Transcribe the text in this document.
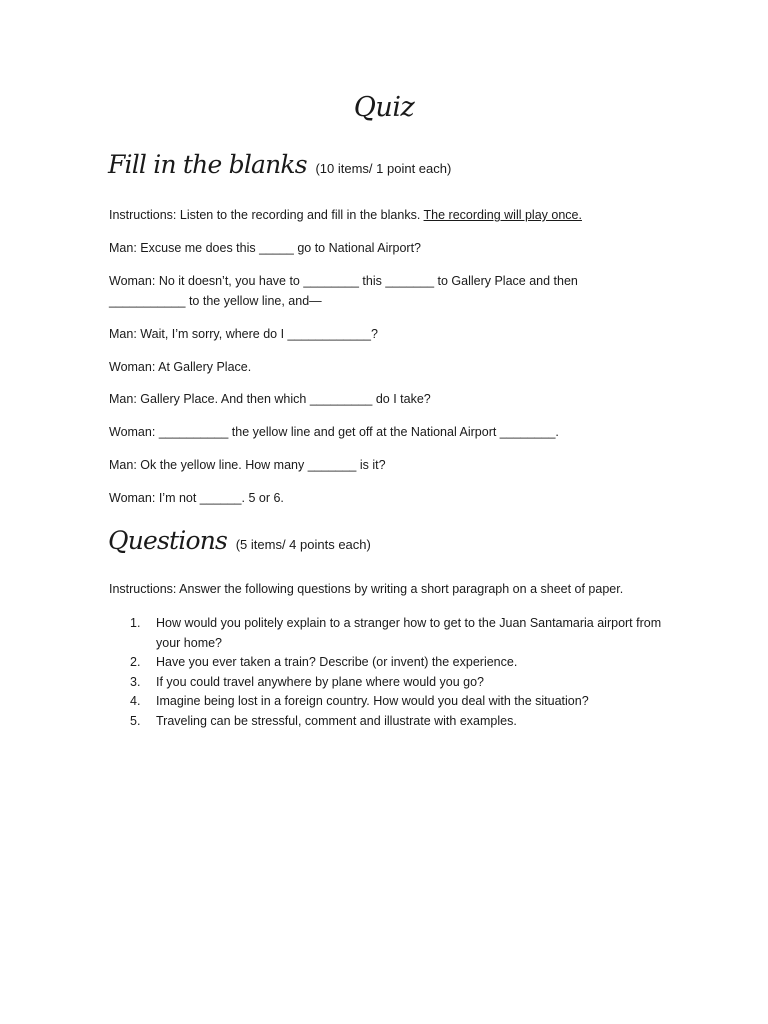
Quiz
Fill in the blanks (10 items/ 1 point each)

Instructions: Listen to the recording and fill in the blanks. The recording will play once.

Man: Excuse me does this _____ go to National Airport?

Woman: No it doesn’t, you have to ________ this _______ to Gallery Place and then

___________ to the yellow line, and—

Man: Wait, I’m sorry, where do I ____________?

Woman: At Gallery Place.

Man: Gallery Place. And then which _________ do I take?

Woman: __________ the yellow line and get off at the National Airport ________.

Man: Ok the yellow line. How many _______ is it?

Woman: I’m not ______. 5 or 6.

Questions (5 items/ 4 points each)

Instructions: Answer the following questions by writing a short paragraph on a sheet of paper.

1. How would you politely explain to a stranger how to get to the Juan Santamaria airport from your home?
2. Have you ever taken a train? Describe (or invent) the experience.
3. If you could travel anywhere by plane where would you go?
4. Imagine being lost in a foreign country. How would you deal with the situation?
5. Traveling can be stressful, comment and illustrate with examples.
